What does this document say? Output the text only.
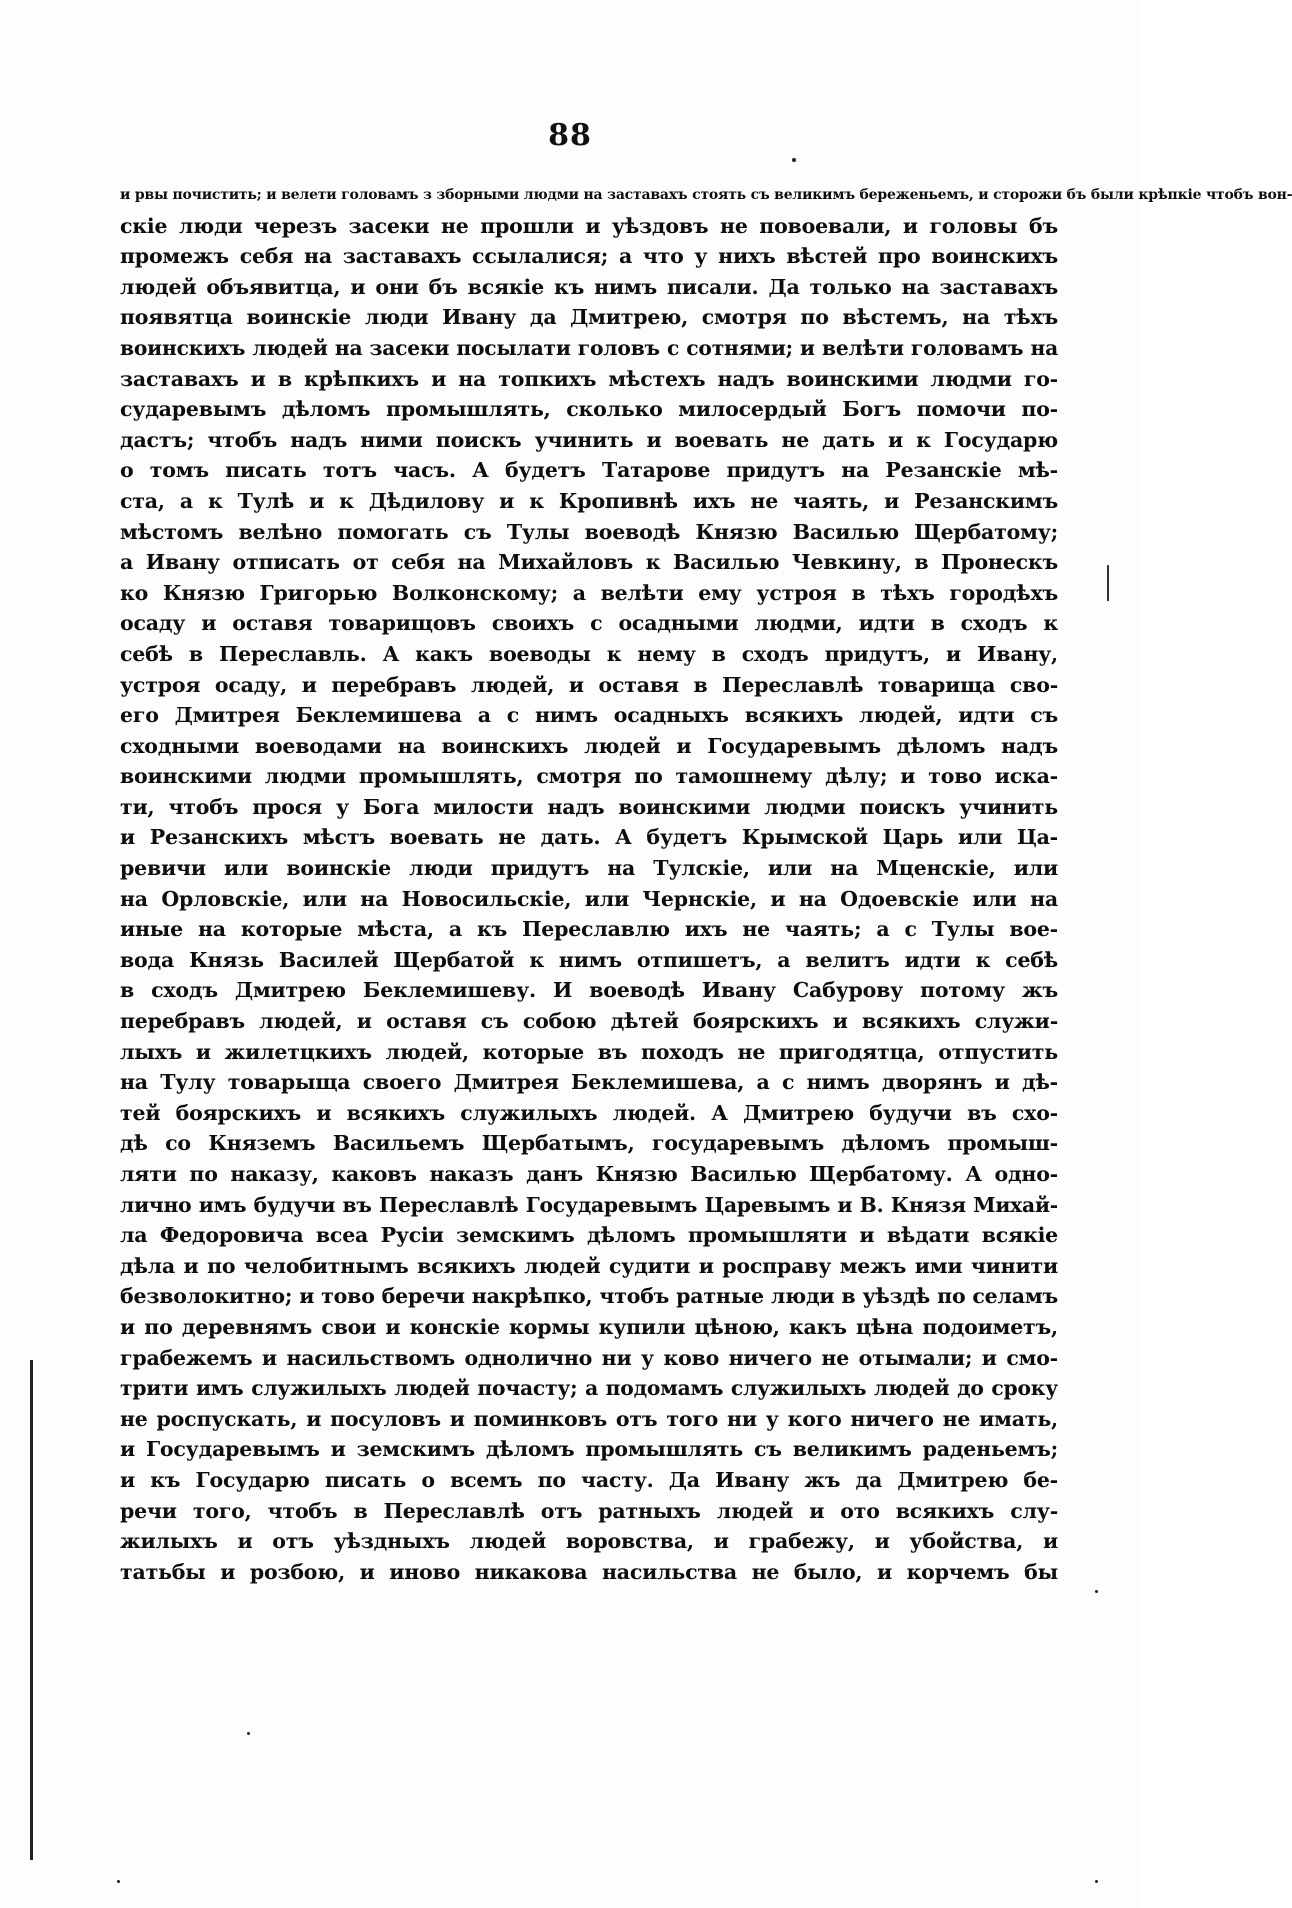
88
и рвы почистить; и велети головамъ з зборными людми на заставахъ стоять съ великимъ береженьемъ, и сторожи бъ были крѣпкіе чтобъ вон-
скіе люди черезъ засеки не прошли и уѣздовъ не повоевали, и головы бъ
промежъ себя на заставахъ ссылалися; а что у нихъ вѣстей про воинскихъ
людей объявитца, и они бъ всякіе къ нимъ писали. Да только на заставахъ
появятца воинскіе люди Ивану да Дмитрею, смотря по вѣстемъ, на тѣхъ
воинскихъ людей на засеки посылати головъ с сотнями; и велѣти головамъ на
заставахъ и в крѣпкихъ и на топкихъ мѣстехъ надъ воинскими людми го-
сударевымъ дѣломъ промышлять, сколько милосердый Богъ помочи по-
дастъ; чтобъ надъ ними поискъ учинить и воевать не дать и к Государю
о томъ писать тотъ часъ. А будетъ Татарове придутъ на Резанскіе мѣ-
ста, а к Тулѣ и к Дѣдилову и к Кропивнѣ ихъ не чаять, и Резанскимъ
мѣстомъ велѣно помогать съ Тулы воеводѣ Князю Василью Щербатому;
а Ивану отписать от себя на Михайловъ к Василью Чевкину, в Пронескъ
ко Князю Григорью Волконскому; а велѣти ему устроя в тѣхъ городѣхъ
осаду и оставя товарищовъ своихъ с осадными людми, идти в сходъ к
себѣ в Переславль. А какъ воеводы к нему в сходъ придутъ, и Ивану,
устроя осаду, и перебравъ людей, и оставя в Переславлѣ товарища сво-
его Дмитрея Беклемишева а с нимъ осадныхъ всякихъ людей, идти съ
сходными воеводами на воинскихъ людей и Государевымъ дѣломъ надъ
воинскими людми промышлять, смотря по тамошнему дѣлу; и тово иска-
ти, чтобъ прося у Бога милости надъ воинскими людми поискъ учинить
и Резанскихъ мѣстъ воевать не дать. А будетъ Крымской Царь или Ца-
ревичи или воинскіе люди придутъ на Тулскіе, или на Мценскіе, или
на Орловскіе, или на Новосильскіе, или Чернскіе, и на Одоевскіе или на
иные на которые мѣста, а къ Переславлю ихъ не чаять; а с Тулы вое-
вода Князь Василей Щербатой к нимъ отпишетъ, а велитъ идти к себѣ
в сходъ Дмитрею Беклемишеву. И воеводѣ Ивану Сабурову потому жъ
перебравъ людей, и оставя съ собою дѣтей боярскихъ и всякихъ служи-
лыхъ и жилетцкихъ людей, которые въ походъ не пригодятца, отпустить
на Тулу товарыща своего Дмитрея Беклемишева, а с нимъ дворянъ и дѣ-
тей боярскихъ и всякихъ служилыхъ людей. А Дмитрею будучи въ схо-
дѣ со Княземъ Васильемъ Щербатымъ, государевымъ дѣломъ промыш-
ляти по наказу, каковъ наказъ данъ Князю Василью Щербатому. А одно-
лично имъ будучи въ Переславлѣ Государевымъ Царевымъ и В. Князя Михай-
ла Федоровича всеа Русіи земскимъ дѣломъ промышляти и вѣдати всякіе
дѣла и по челобитнымъ всякихъ людей судити и росправу межъ ими чинити
безволокитно; и тово беречи накрѣпко, чтобъ ратные люди в уѣздѣ по селамъ
и по деревнямъ свои и конскіе кормы купили цѣною, какъ цѣна подоиметъ,
грабежемъ и насильствомъ однолично ни у ково ничего не отымали; и смо-
трити имъ служилыхъ людей почасту; а подомамъ служилыхъ людей до сроку
не роспускать, и посуловъ и поминковъ отъ того ни у кого ничего не имать,
и Государевымъ и земскимъ дѣломъ промышлять съ великимъ раденьемъ;
и къ Государю писать о всемъ по часту. Да Ивану жъ да Дмитрею бе-
речи того, чтобъ в Переславлѣ отъ ратныхъ людей и ото всякихъ слу-
жилыхъ и отъ уѣздныхъ людей воровства, и грабежу, и убойства, и
татьбы и розбою, и иново никакова насильства не было, и корчемъ бы
